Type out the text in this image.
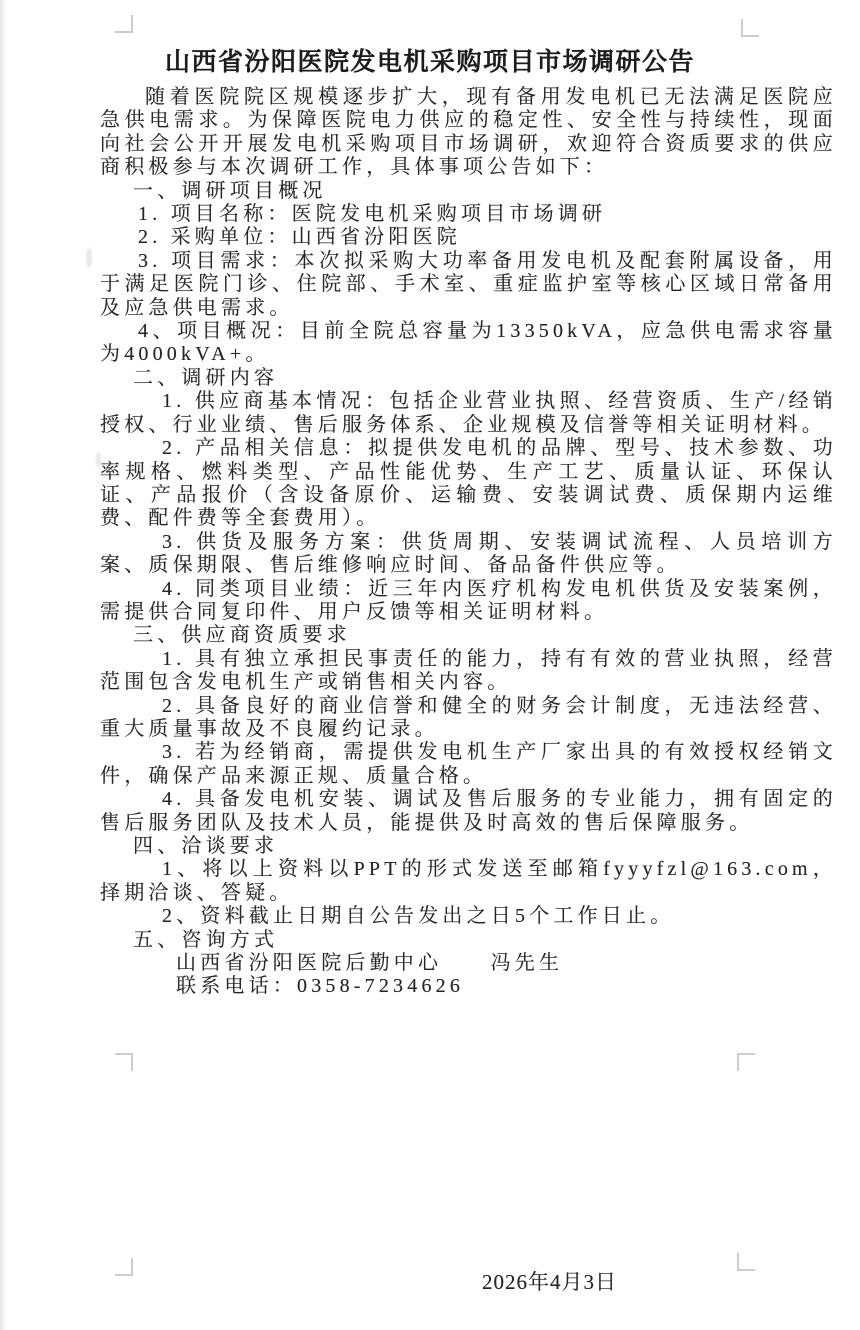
山西省汾阳医院发电机采购项目市场调研公告

随着医院院区规模逐步扩大，现有备用发电机已无法满足医院应急供电需求。为保障医院电力供应的稳定性、安全性与持续性，现面向社会公开开展发电机采购项目市场调研，欢迎符合资质要求的供应商积极参与本次调研工作，具体事项公告如下：

一、调研项目概况

1. 项目名称：医院发电机采购项目市场调研

2. 采购单位：山西省汾阳医院

3. 项目需求：本次拟采购大功率备用发电机及配套附属设备，用于满足医院门诊、住院部、手术室、重症监护室等核心区域日常备用及应急供电需求。

4、项目概况：目前全院总容量为13350kVA，应急供电需求容量为4000kVA+。

二、调研内容

1. 供应商基本情况：包括企业营业执照、经营资质、生产/经销授权、行业业绩、售后服务体系、企业规模及信誉等相关证明材料。

2. 产品相关信息：拟提供发电机的品牌、型号、技术参数、功率规格、燃料类型、产品性能优势、生产工艺、质量认证、环保认证、产品报价（含设备原价、运输费、安装调试费、质保期内运维费、配件费等全套费用）。

3. 供货及服务方案：供货周期、安装调试流程、人员培训方案、质保期限、售后维修响应时间、备品备件供应等。

4. 同类项目业绩：近三年内医疗机构发电机供货及安装案例，需提供合同复印件、用户反馈等相关证明材料。

三、供应商资质要求

1. 具有独立承担民事责任的能力，持有有效的营业执照，经营范围包含发电机生产或销售相关内容。

2. 具备良好的商业信誉和健全的财务会计制度，无违法经营、重大质量事故及不良履约记录。

3. 若为经销商，需提供发电机生产厂家出具的有效授权经销文件，确保产品来源正规、质量合格。

4. 具备发电机安装、调试及售后服务的专业能力，拥有固定的售后服务团队及技术人员，能提供及时高效的售后保障服务。

四、洽谈要求

1、将以上资料以PPT的形式发送至邮箱fyyyfzl@163.com，择期洽谈、答疑。

2、资料截止日期自公告发出之日5个工作日止。

五、咨询方式

山西省汾阳医院后勤中心　　冯先生

联系电话：0358-7234626

2026年4月3日
